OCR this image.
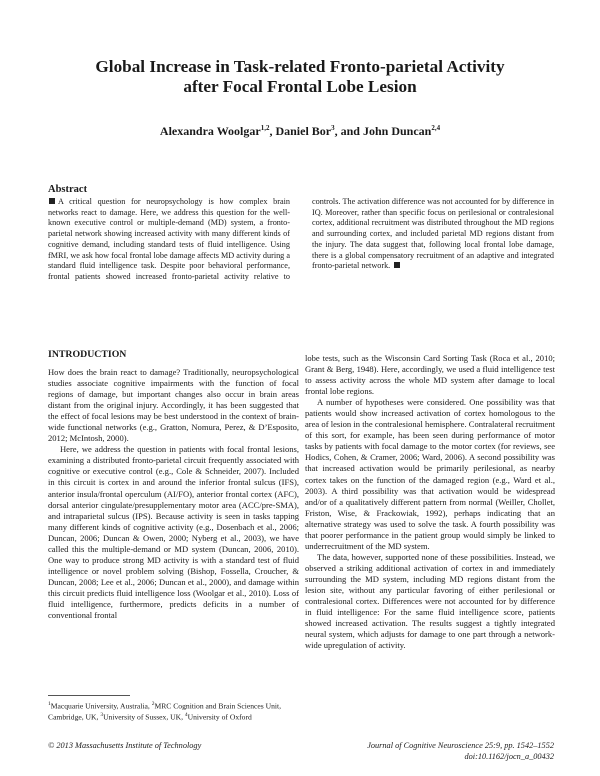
Global Increase in Task-related Fronto-parietal Activity
after Focal Frontal Lobe Lesion
Alexandra Woolgar$^{1,2}$, Daniel Bor$^3$, and John Duncan$^{2,4}$
Abstract
A critical question for neuropsychology is how complex brain networks react to damage. Here, we address this question for the well-known executive control or multiple-demand (MD) system, a fronto-parietal network showing increased activity with many different kinds of cognitive demand, including standard tests of fluid intelligence. Using fMRI, we ask how focal frontal lobe damage affects MD activity during a standard fluid intelligence task. Despite poor behavioral performance, frontal patients showed increased fronto-parietal activity relative to controls. The activation difference was not accounted for by difference in IQ. Moreover, rather than specific focus on perilesional or contralesional cortex, additional recruitment was distributed throughout the MD regions and surrounding cortex, and included parietal MD regions distant from the injury. The data suggest that, following local frontal lobe damage, there is a global compensatory recruitment of an adaptive and integrated fronto-parietal network.
INTRODUCTION

How does the brain react to damage? Traditionally, neuropsychological studies associate cognitive impairments with the function of focal regions of damage, but important changes also occur in brain areas distant from the original injury. Accordingly, it has been suggested that the effect of focal lesions may be best understood in the context of brain-wide functional networks (e.g., Gratton, Nomura, Perez, & D’Esposito, 2012; McIntosh, 2000).

Here, we address the question in patients with focal frontal lesions, examining a distributed fronto-parietal circuit frequently associated with cognitive or executive control (e.g., Cole & Schneider, 2007). Included in this circuit is cortex in and around the inferior frontal sulcus (IFS), anterior insula/frontal operculum (AI/FO), anterior frontal cortex (AFC), dorsal anterior cingulate/presupplementary motor area (ACC/pre-SMA), and intraparietal sulcus (IPS). Because activity is seen in tasks tapping many different kinds of cognitive activity (e.g., Dosenbach et al., 2006; Duncan, 2006; Duncan & Owen, 2000; Nyberg et al., 2003), we have called this the multiple-demand or MD system (Duncan, 2006, 2010). One way to produce strong MD activity is with a standard test of fluid intelligence or novel problem solving (Bishop, Fossella, Croucher, & Duncan, 2008; Lee et al., 2006; Duncan et al., 2000), and damage within this circuit predicts fluid intelligence loss (Woolgar et al., 2010). Loss of fluid intelligence, furthermore, predicts deficits in a number of conventional frontal

lobe tests, such as the Wisconsin Card Sorting Task (Roca et al., 2010; Grant & Berg, 1948). Here, accordingly, we used a fluid intelligence test to assess activity across the whole MD system after damage to local frontal lobe regions.

A number of hypotheses were considered. One possibility was that patients would show increased activation of cortex homologous to the area of lesion in the contralesional hemisphere. Contralateral recruitment of this sort, for example, has been seen during performance of motor tasks by patients with focal damage to the motor cortex (for reviews, see Hodics, Cohen, & Cramer, 2006; Ward, 2006). A second possibility was that increased activation would be primarily perilesional, as nearby cortex takes on the function of the damaged region (e.g., Ward et al., 2003). A third possibility was that activation would be widespread and/or of a qualitatively different pattern from normal (Weiller, Chollet, Friston, Wise, & Frackowiak, 1992), perhaps indicating that an alternative strategy was used to solve the task. A fourth possibility was that poorer performance in the patient group would simply be linked to underrecruitment of the MD system.

The data, however, supported none of these possibilities. Instead, we observed a striking additional activation of cortex in and immediately surrounding the MD system, including MD regions distant from the lesion site, without any particular favoring of either perilesional or contralesional cortex. Differences were not accounted for by difference in fluid intelligence: For the same fluid intelligence score, patients showed increased activation. The results suggest a tightly integrated neural system, which adjusts for damage to one part through a network-wide upregulation of activity.

$^1$Macquarie University, Australia, $^2$MRC Cognition and Brain Sciences Unit, Cambridge, UK, $^3$University of Sussex, UK, $^4$University of Oxford
© 2013 Massachusetts Institute of Technology	Journal of Cognitive Neuroscience 25:9, pp. 1542–1552
doi:10.1162/jocn_a_00432
